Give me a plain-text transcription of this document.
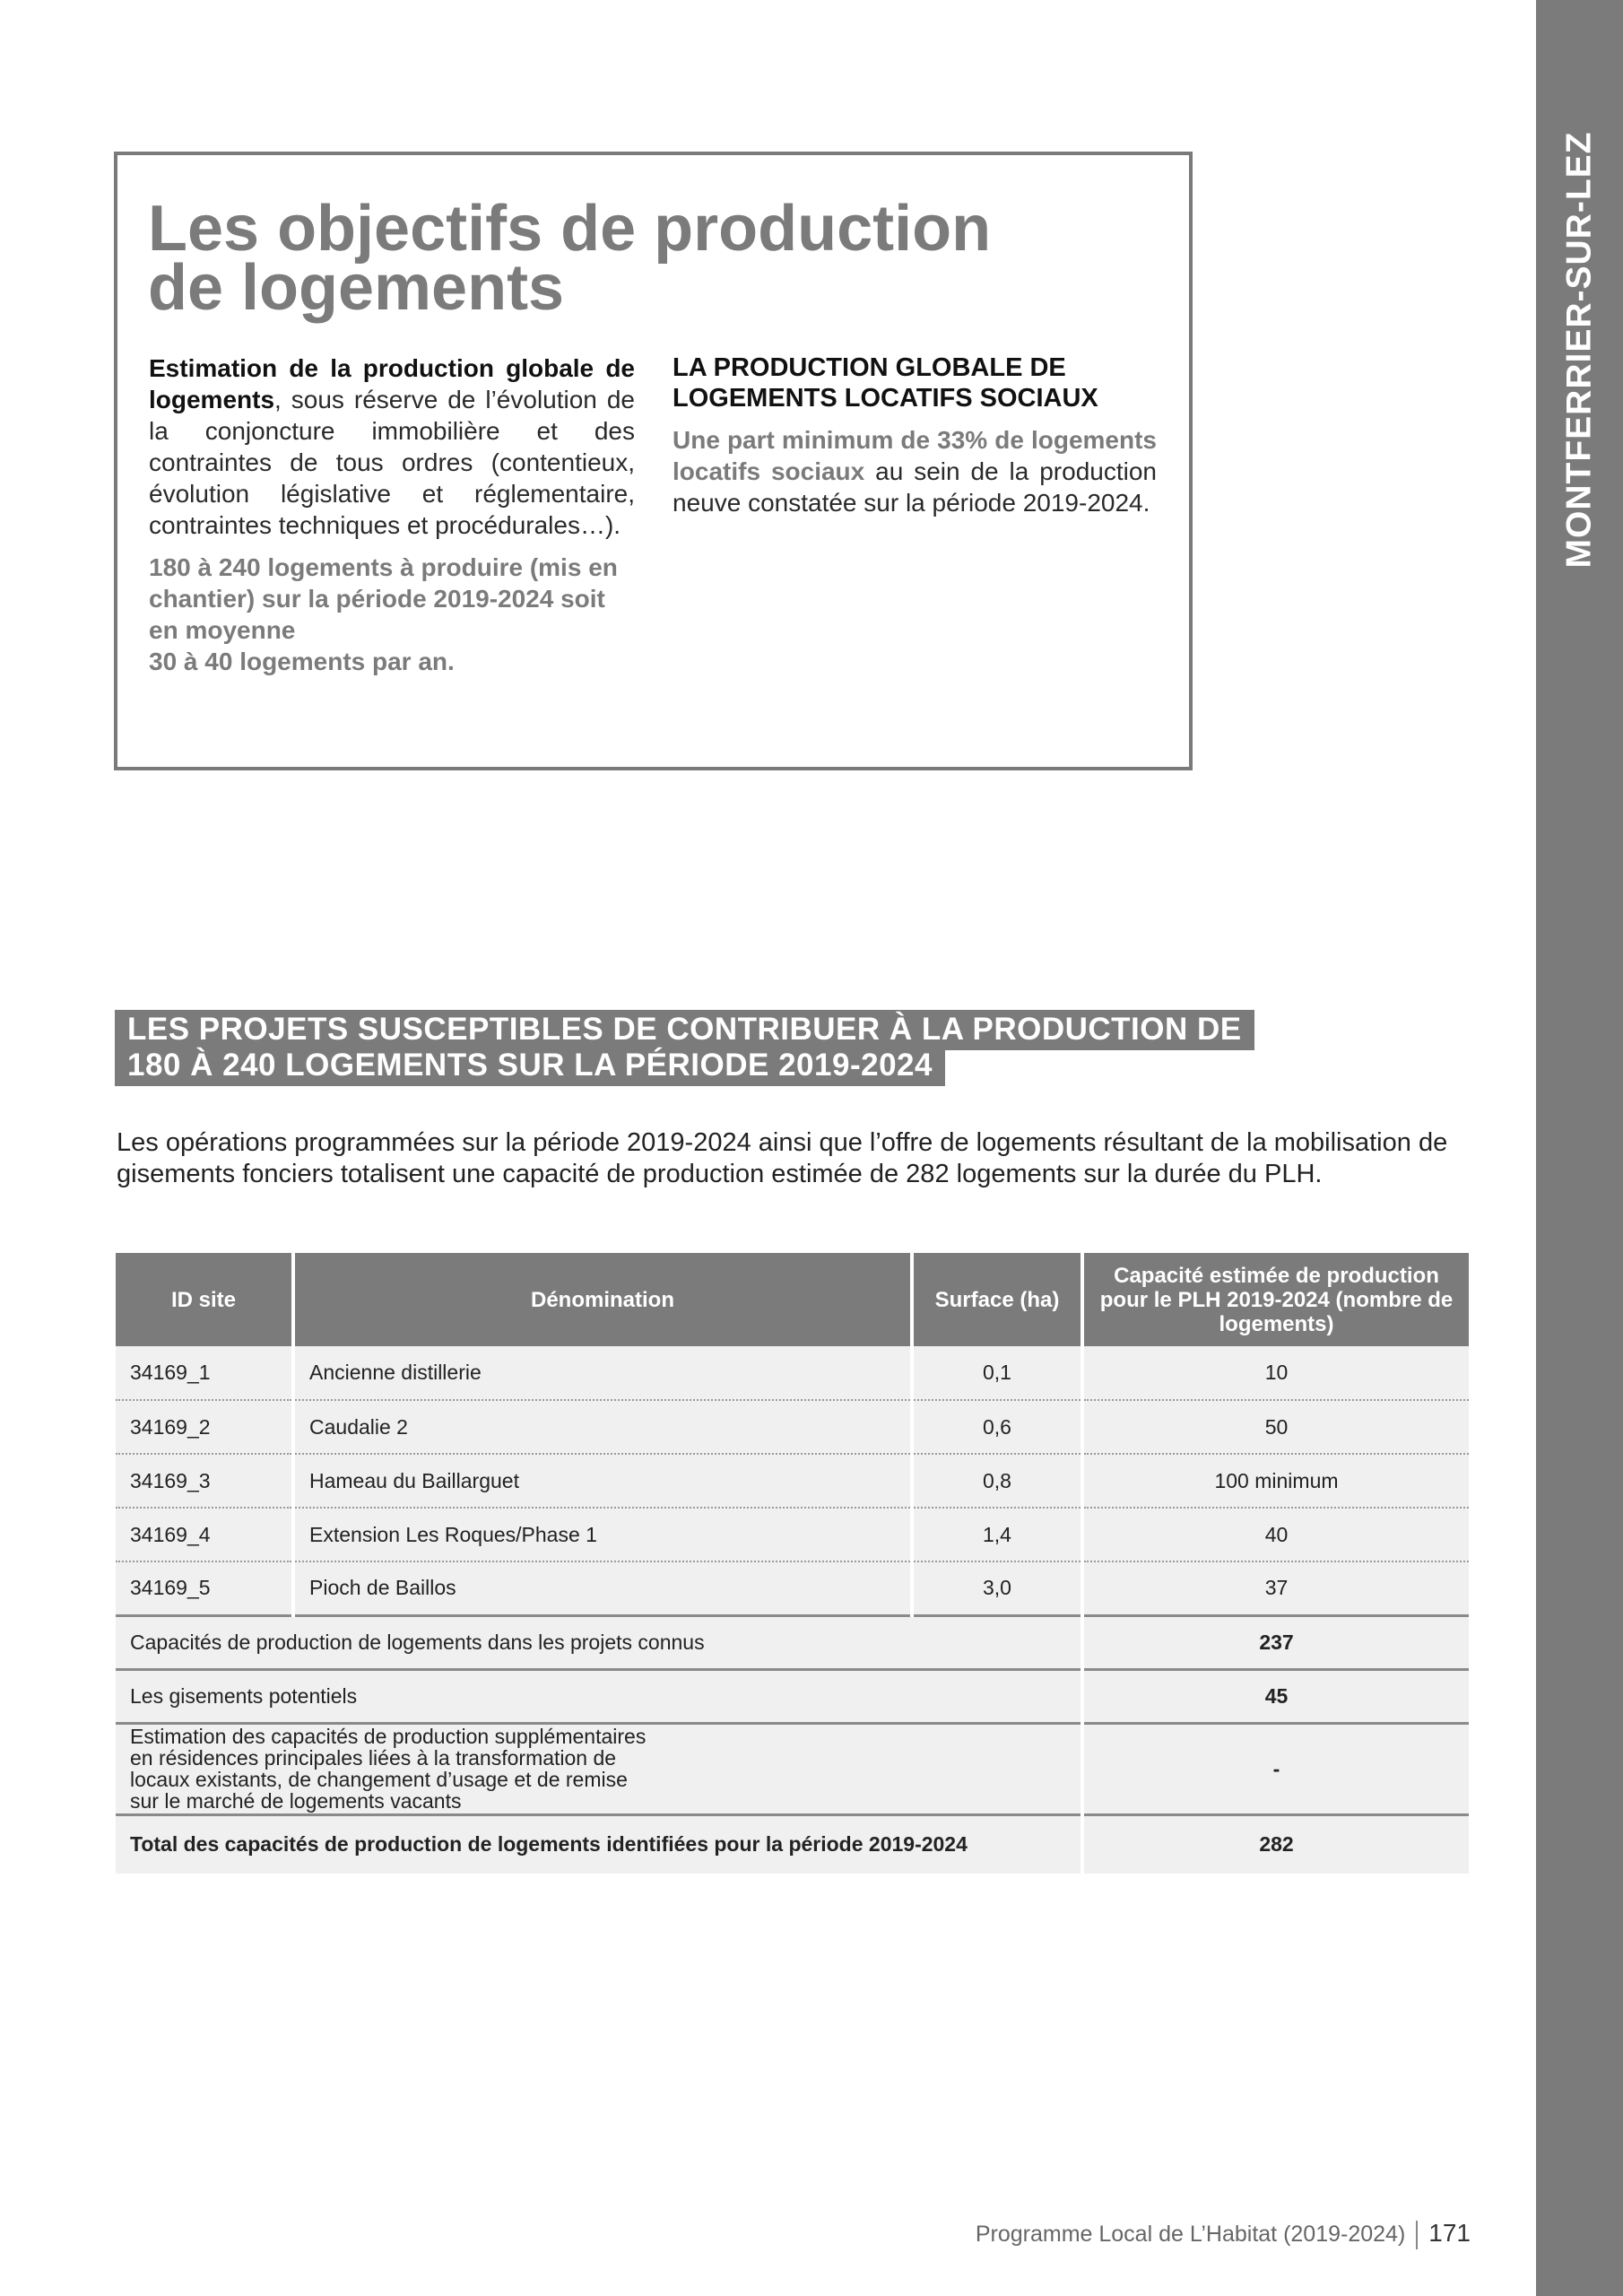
MONTFERRIER-SUR-LEZ
Les objectifs de production de logements
Estimation de la production globale de logements, sous réserve de l’évolution de la conjoncture immobilière et des contraintes de tous ordres (contentieux, évolution législative et réglementaire, contraintes techniques et procédurales…).
180 à 240 logements à produire (mis en chantier) sur la période 2019-2024 soit en moyenne
30 à 40 logements par an.
LA PRODUCTION GLOBALE DE LOGEMENTS LOCATIFS SOCIAUX
Une part minimum de 33% de logements locatifs sociaux au sein de la production neuve constatée sur la période 2019-2024.
LES PROJETS SUSCEPTIBLES DE CONTRIBUER À LA PRODUCTION DE 180 À 240 LOGEMENTS SUR LA PÉRIODE 2019-2024

Les opérations programmées sur la période 2019-2024 ainsi que l’offre de logements résultant de la mobilisation de gisements fonciers totalisent une capacité de production estimée de 282 logements sur la durée du PLH.

ID site	Dénomination	Surface (ha)	Capacité estimée de production pour le PLH 2019-2024 (nombre de logements)
34169_1	Ancienne distillerie	0,1	10
34169_2	Caudalie 2	0,6	50
34169_3	Hameau du Baillarguet	0,8	100 minimum
34169_4	Extension Les Roques/Phase 1	1,4	40
34169_5	Pioch de Baillos	3,0	37
Capacités de production de logements dans les projets connus			237
Les gisements potentiels			45
Estimation des capacités de production supplémentaires en résidences principales liées à la transformation de locaux existants, de changement d’usage et de remise sur le marché de logements vacants			-
Total des capacités de production de logements identifiées pour la période 2019-2024			282
Programme Local de L’Habitat (2019-2024) 171
